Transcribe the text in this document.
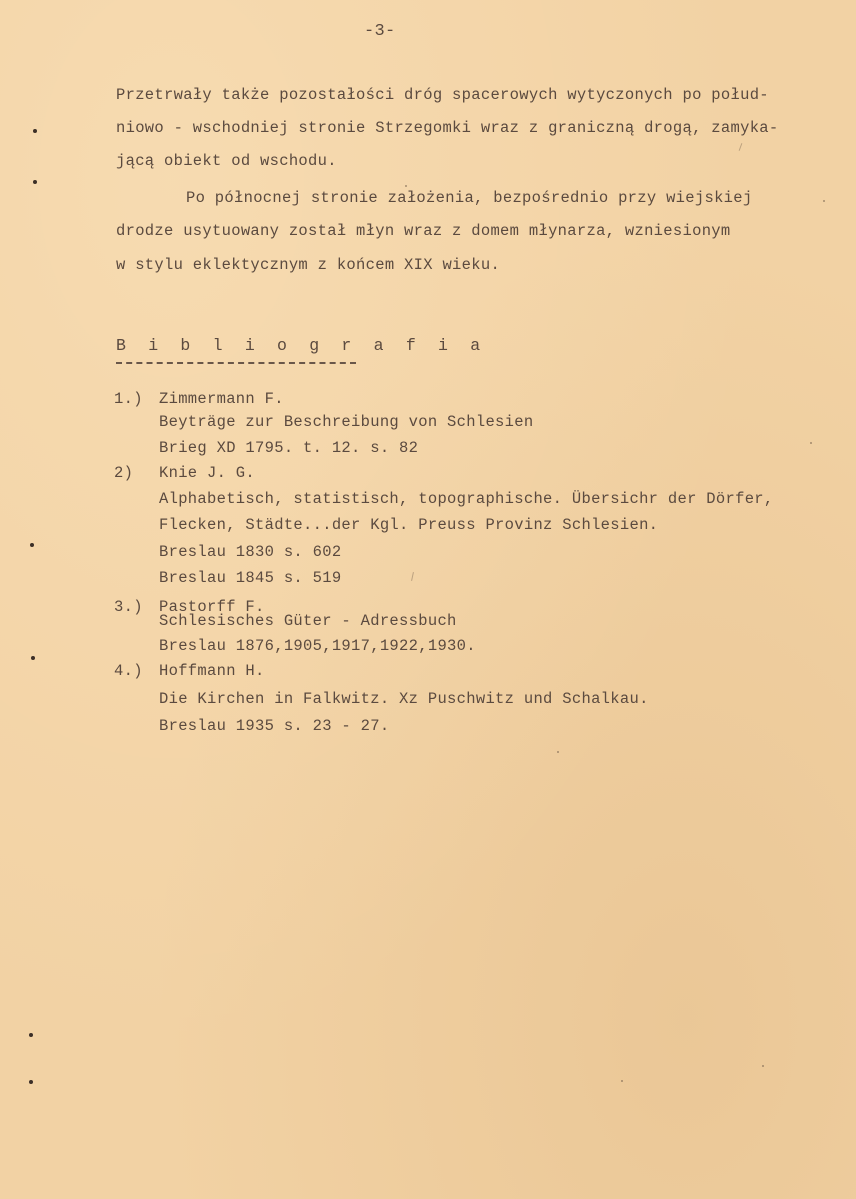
-3-
Przetrwały także pozostałości dróg spacerowych wytyczonych po połud-
niowo - wschodniej stronie Strzegomki wraz z graniczną drogą, zamyka-
jącą obiekt od wschodu.
Po północnej stronie założenia, bezpośrednio przy wiejskiej
drodze usytuowany został młyn wraz z domem młynarza, wzniesionym
w stylu eklektycznym z końcem XIX wieku.
B i b l i o g r a f i a
1.) Zimmermann F.
Beyträge zur Beschreibung von Schlesien
Brieg XD 1795. t. 12. s. 82
2) Knie J. G.
Alphabetisch, statistisch, topographische. Übersichr der Dörfer,
Flecken, Städte...der Kgl. Preuss Provinz Schlesien.
Breslau 1830 s. 602
Breslau 1845 s. 519
3.) Pastorff F.
Schlesisches Güter - Adressbuch
Breslau 1876,1905,1917,1922,1930.
4.) Hoffmann H.
Die Kirchen in Falkwitz. Xz Puschwitz und Schalkau.
Breslau 1935 s. 23 - 27.
